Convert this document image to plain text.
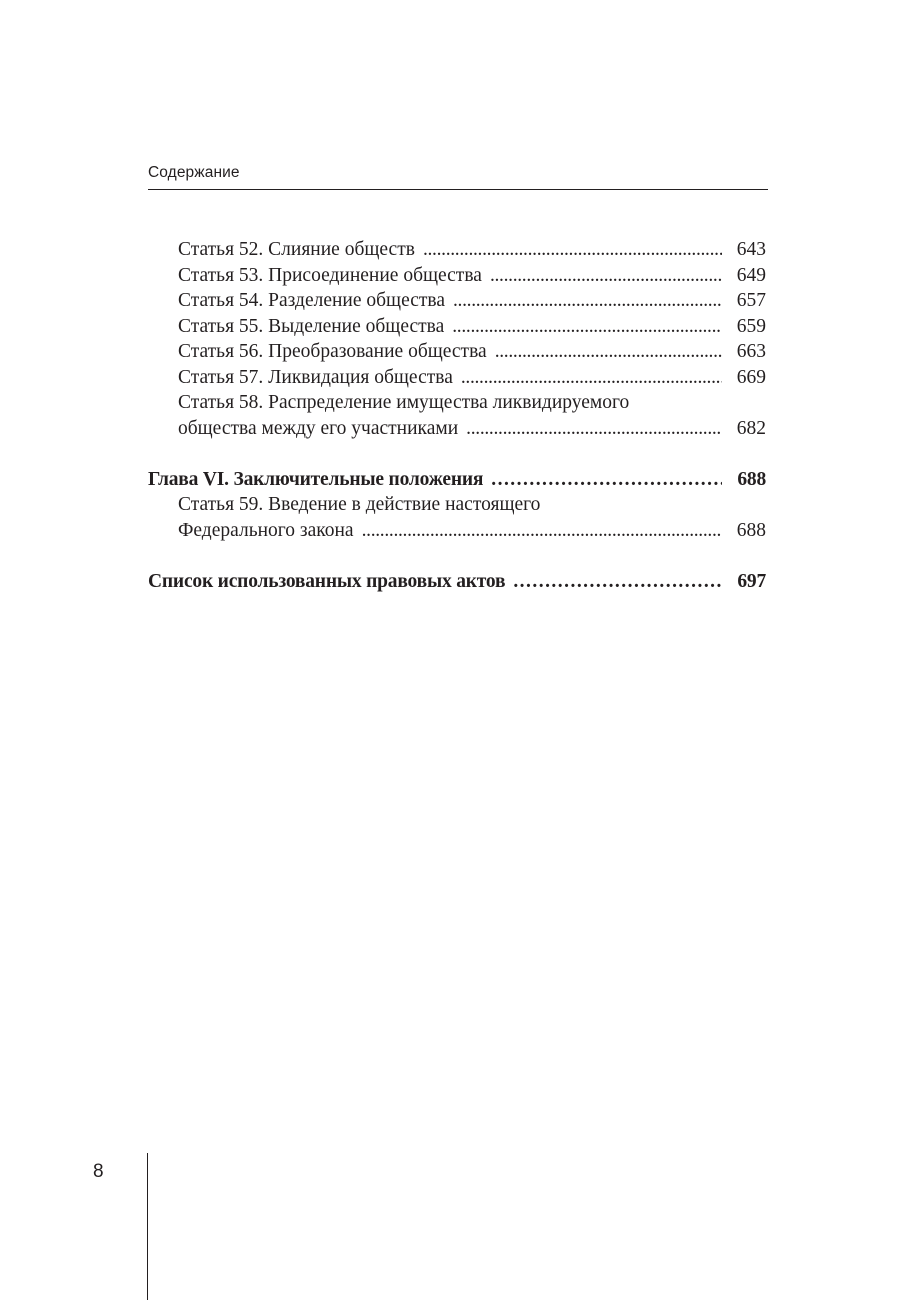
Содержание
Статья 52. Слияние обществ . . .	643
Статья 53. Присоединение общества . . .	649
Статья 54. Разделение общества . . .	657
Статья 55. Выделение общества . . .	659
Статья 56. Преобразование общества . . .	663
Статья 57. Ликвидация общества . . .	669
Статья 58. Распределение имущества ликвидируемого
общества между его участниками . . .	682
Глава VI. Заключительные положения . . .	688
Статья 59. Введение в действие настоящего
Федерального закона . . .	688
Список использованных правовых актов . . .	697
8
